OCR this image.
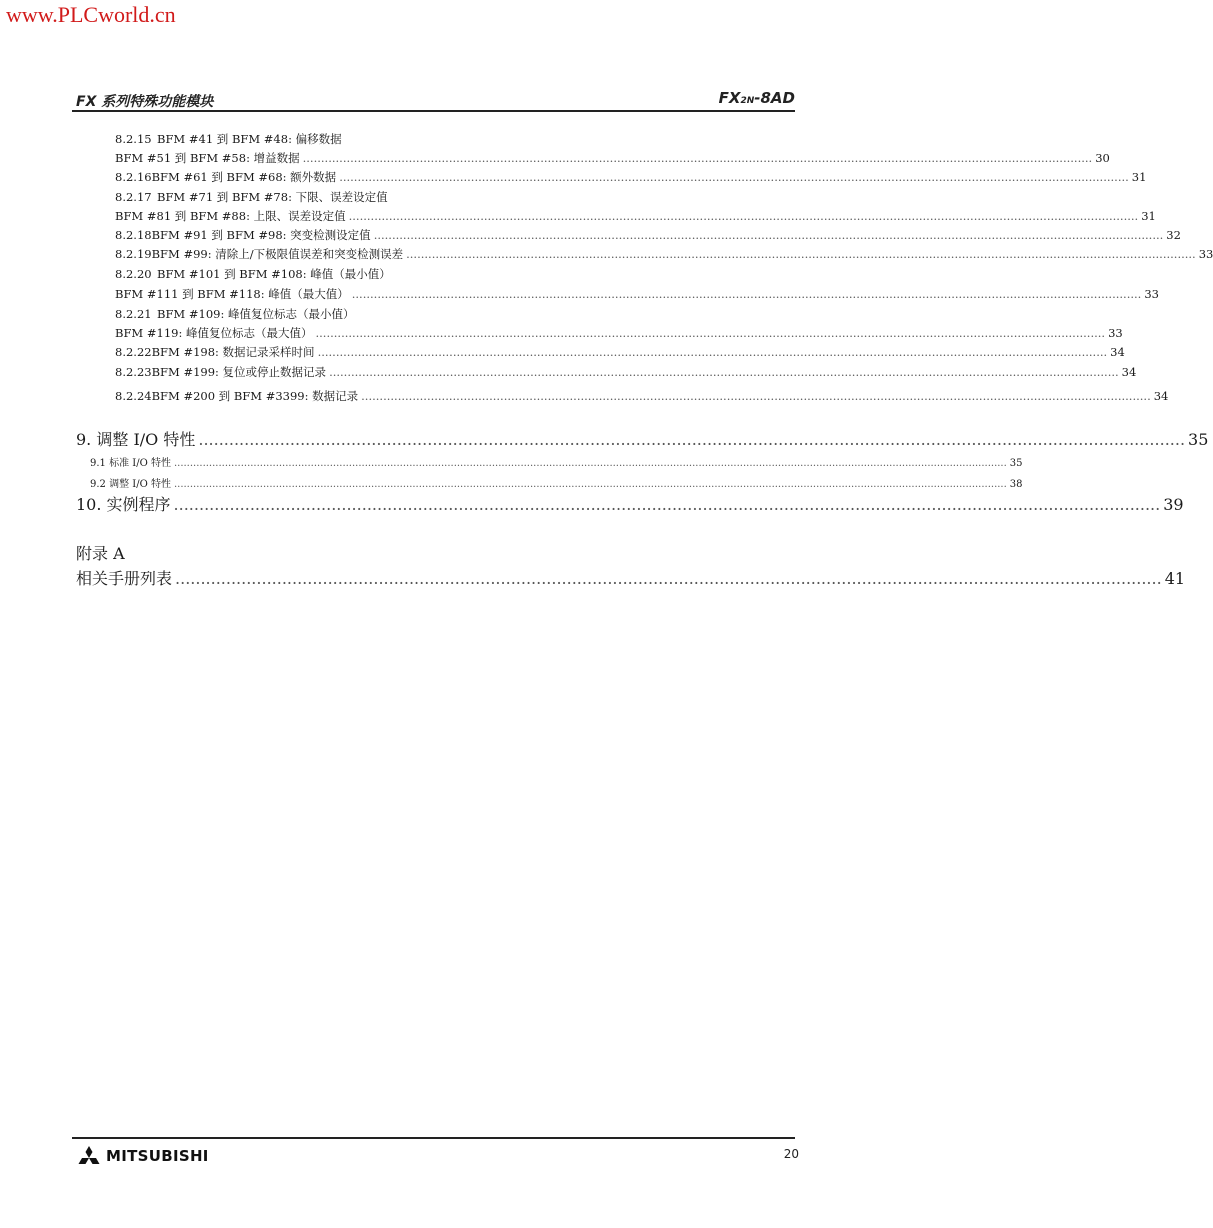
www.PLCworld.cn
FX 系列特殊功能模块	FX2N-8AD
8.2.15 BFM #41 到 BFM #48: 偏移数据
BFM #51 到 BFM #58: 增益数据 ........................................................................................................................................................................................................................ 30
8.2.16 BFM #61 到 BFM #68: 额外数据 ........................................................................................................................................................................................................................ 31
8.2.17 BFM #71 到 BFM #78: 下限、误差设定值
BFM #81 到 BFM #88: 上限、误差设定值 ........................................................................................................................................................................................................................ 31
8.2.18 BFM #91 到 BFM #98: 突变检测设定值 ........................................................................................................................................................................................................................ 32
8.2.19 BFM #99: 清除上/下极限值误差和突变检测误差 ........................................................................................................................................................................................................................ 33
8.2.20 BFM #101 到 BFM #108: 峰值（最小值）
BFM #111 到 BFM #118: 峰值（最大值） ........................................................................................................................................................................................................................ 33
8.2.21 BFM #109: 峰值复位标志（最小值）
BFM #119: 峰值复位标志（最大值） ........................................................................................................................................................................................................................ 33
8.2.22 BFM #198: 数据记录采样时间 ........................................................................................................................................................................................................................ 34
8.2.23 BFM #199: 复位或停止数据记录 ........................................................................................................................................................................................................................ 34
8.2.24 BFM #200 到 BFM #3399: 数据记录 ........................................................................................................................................................................................................................ 34
9. 调整 I/O 特性 .................................................................................................................................................................................................. 35
9.1 标准 I/O 特性 ...................................................................................................................................................................................................................................................................... 35
9.2 调整 I/O 特性 ...................................................................................................................................................................................................................................................................... 38
10. 实例程序 .................................................................................................................................................................................................. 39
附录 A
相关手册列表 .................................................................................................................................................................................................. 41
MITSUBISHI	20
